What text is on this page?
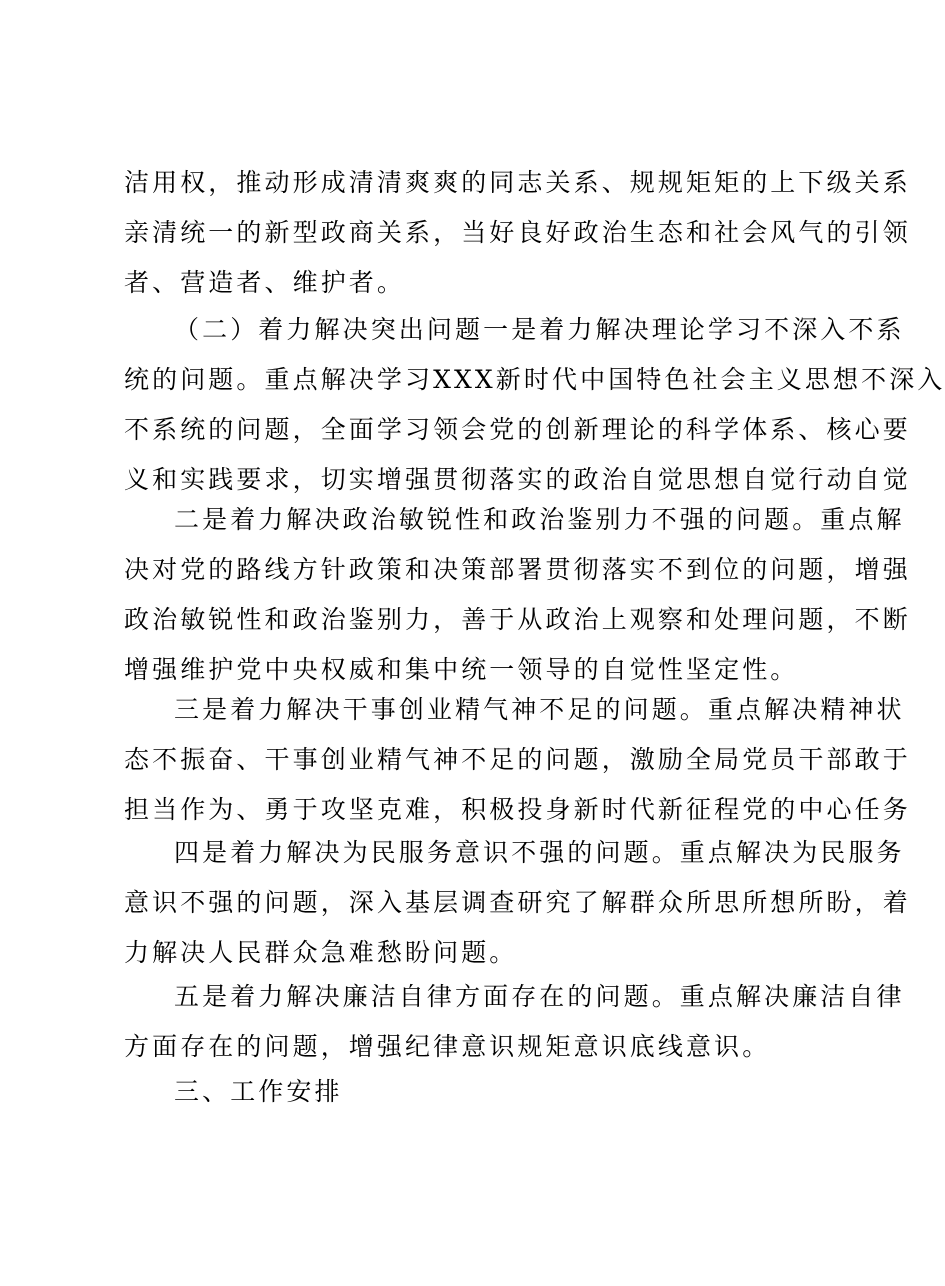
洁用权，推动形成清清爽爽的同志关系、规规矩矩的上下级关系
亲清统一的新型政商关系，当好良好政治生态和社会风气的引领
者、营造者、维护者。
（二）着力解决突出问题一是着力解决理论学习不深入不系
统的问题。重点解决学习XXX新时代中国特色社会主义思想不深入
不系统的问题，全面学习领会党的创新理论的科学体系、核心要
义和实践要求，切实增强贯彻落实的政治自觉思想自觉行动自觉
二是着力解决政治敏锐性和政治鉴别力不强的问题。重点解
决对党的路线方针政策和决策部署贯彻落实不到位的问题，增强
政治敏锐性和政治鉴别力，善于从政治上观察和处理问题，不断
增强维护党中央权威和集中统一领导的自觉性坚定性。
三是着力解决干事创业精气神不足的问题。重点解决精神状
态不振奋、干事创业精气神不足的问题，激励全局党员干部敢于
担当作为、勇于攻坚克难，积极投身新时代新征程党的中心任务
四是着力解决为民服务意识不强的问题。重点解决为民服务
意识不强的问题，深入基层调查研究了解群众所思所想所盼，着
力解决人民群众急难愁盼问题。
五是着力解决廉洁自律方面存在的问题。重点解决廉洁自律
方面存在的问题，增强纪律意识规矩意识底线意识。
三、工作安排
